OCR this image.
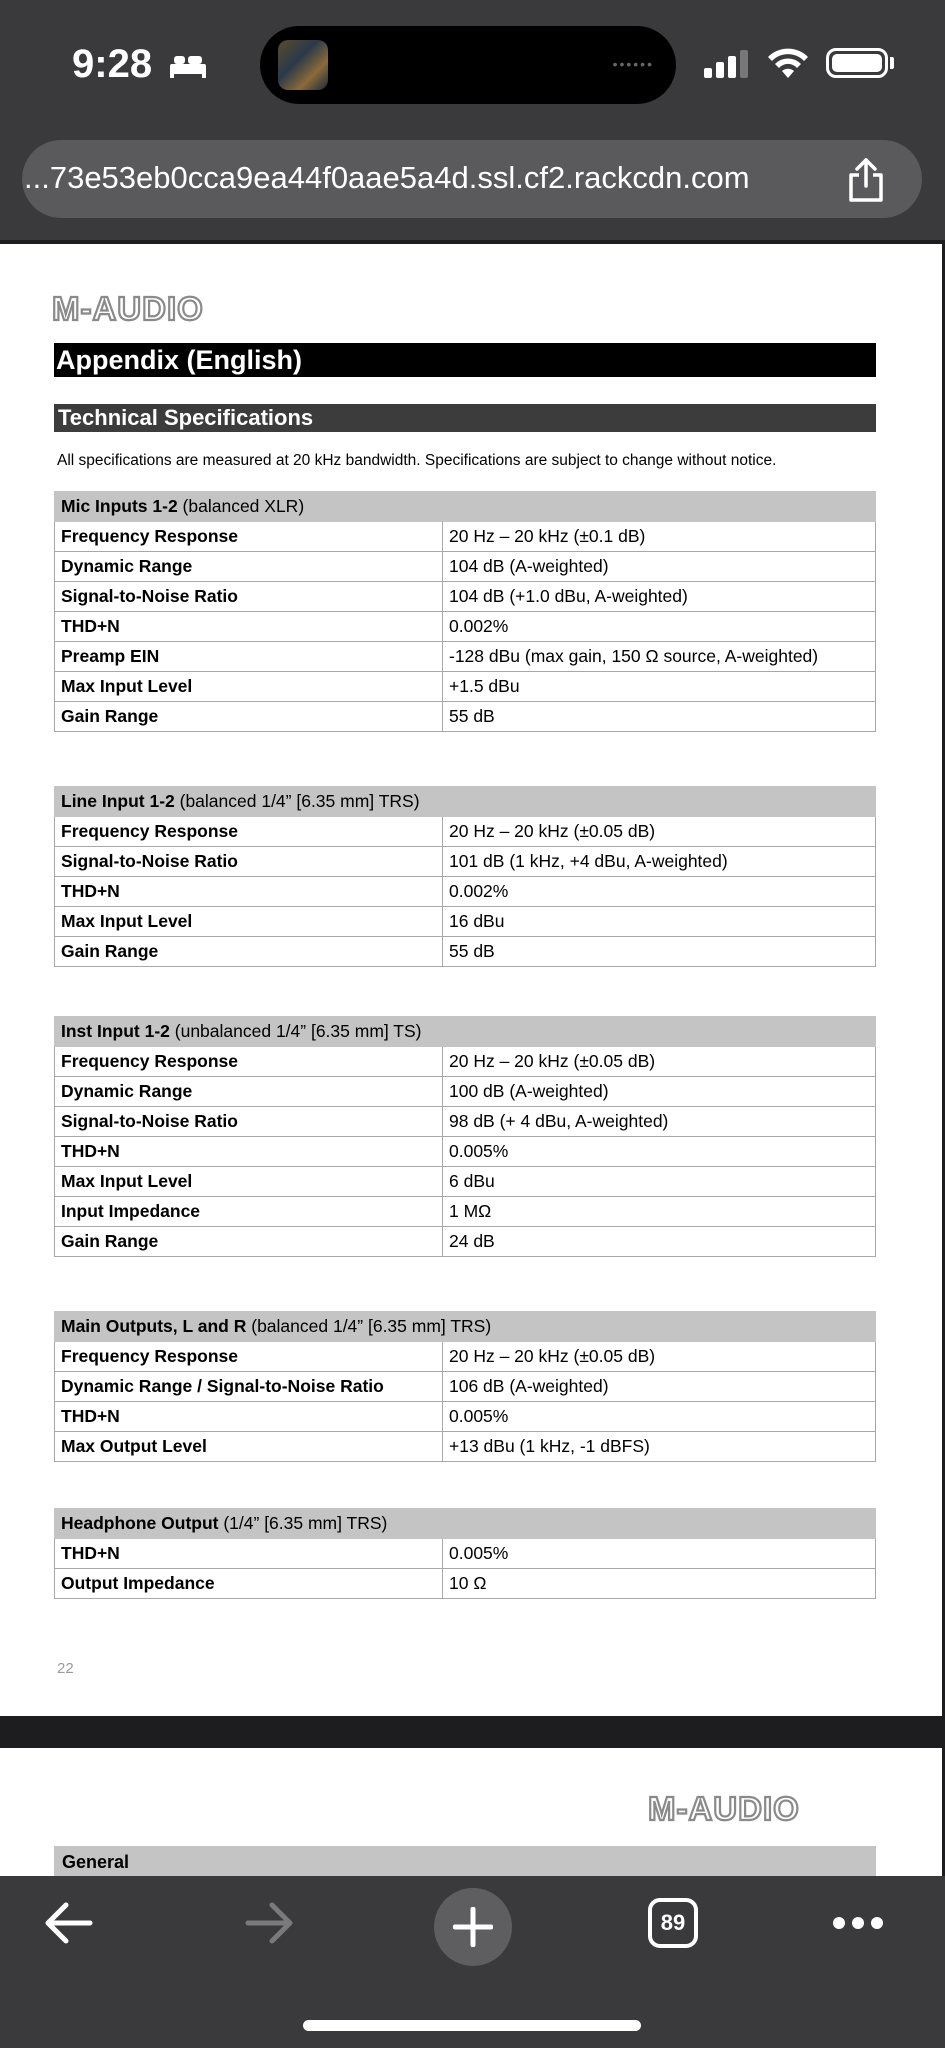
9:28	••••••
...73e53eb0cca9ea44f0aae5a4d.ssl.cf2.rackcdn.com
M-AUDIO
Appendix (English)
Technical Specifications
All specifications are measured at 20 kHz bandwidth. Specifications are subject to change without notice.
Mic Inputs 1-2 (balanced XLR)	
Frequency Response	20 Hz – 20 kHz (±0.1 dB)
Dynamic Range	104 dB (A-weighted)
Signal-to-Noise Ratio	104 dB (+1.0 dBu, A-weighted)
THD+N	0.002%
Preamp EIN	-128 dBu (max gain, 150 Ω source, A-weighted)
Max Input Level	+1.5 dBu
Gain Range	55 dB
Line Input 1-2 (balanced 1/4” [6.35 mm] TRS)	
Frequency Response	20 Hz – 20 kHz (±0.05 dB)
Signal-to-Noise Ratio	101 dB (1 kHz, +4 dBu, A-weighted)
THD+N	0.002%
Max Input Level	16 dBu
Gain Range	55 dB
Inst Input 1-2 (unbalanced 1/4” [6.35 mm] TS)	
Frequency Response	20 Hz – 20 kHz (±0.05 dB)
Dynamic Range	100 dB (A-weighted)
Signal-to-Noise Ratio	98 dB (+ 4 dBu, A-weighted)
THD+N	0.005%
Max Input Level	6 dBu
Input Impedance	1 MΩ
Gain Range	24 dB
Main Outputs, L and R (balanced 1/4” [6.35 mm] TRS)	
Frequency Response	20 Hz – 20 kHz (±0.05 dB)
Dynamic Range / Signal-to-Noise Ratio	106 dB (A-weighted)
THD+N	0.005%
Max Output Level	+13 dBu (1 kHz, -1 dBFS)
Headphone Output (1/4” [6.35 mm] TRS)	
THD+N	0.005%
Output Impedance	10 Ω
22
M-AUDIO
General
89
